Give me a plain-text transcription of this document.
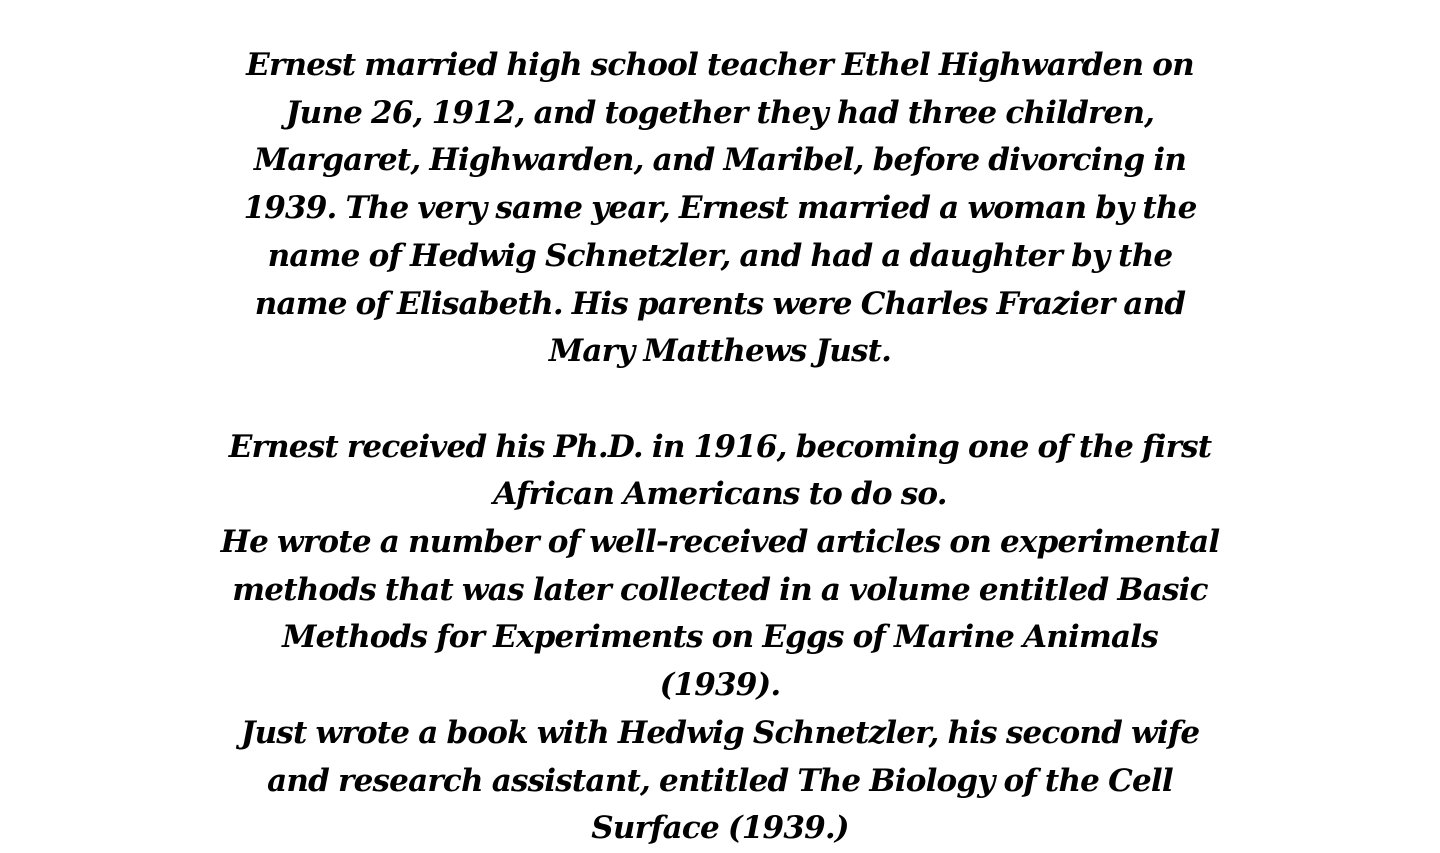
Ernest married high school teacher Ethel Highwarden on June 26, 1912, and together they had three children, Margaret, Highwarden, and Maribel, before divorcing in 1939. The very same year, Ernest married a woman by the name of Hedwig Schnetzler, and had a daughter by the name of Elisabeth. His parents were Charles Frazier and Mary Matthews Just.

Ernest received his Ph.D. in 1916, becoming one of the first African Americans to do so.

He wrote a number of well-received articles on experimental methods that was later collected in a volume entitled Basic Methods for Experiments on Eggs of Marine Animals (1939).

Just wrote a book with Hedwig Schnetzler, his second wife and research assistant, entitled The Biology of the Cell Surface (1939.)
